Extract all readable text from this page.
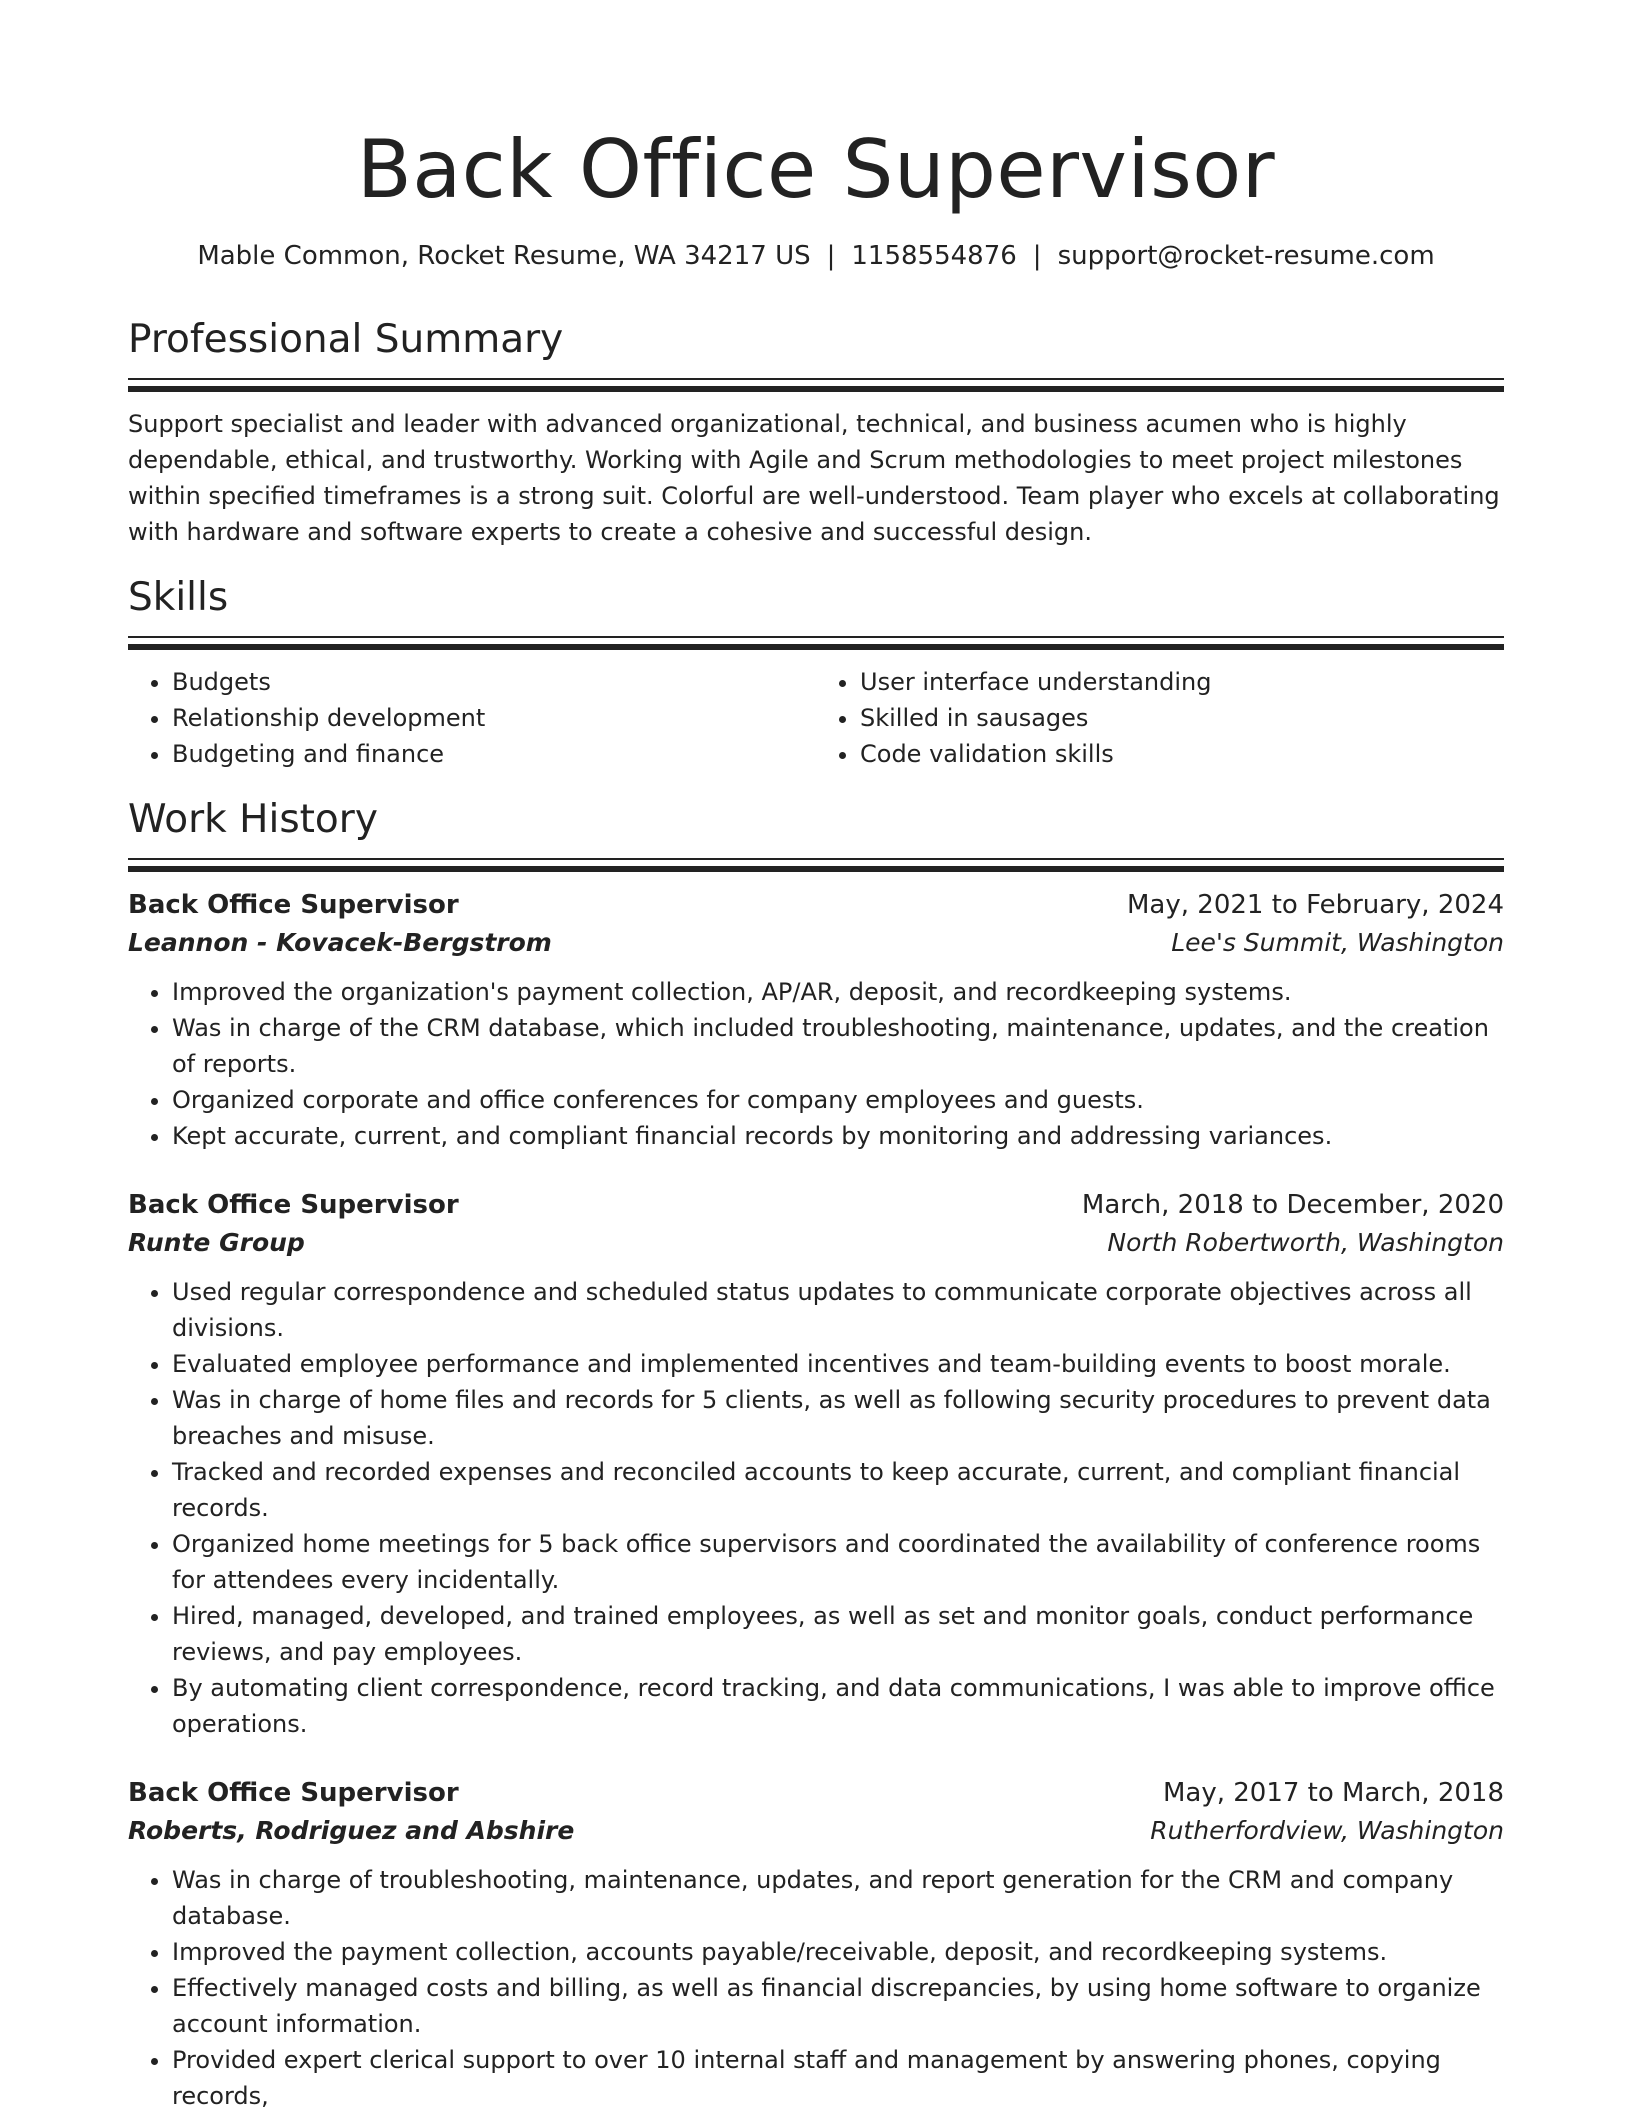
Back Office Supervisor
Mable Common, Rocket Resume, WA 34217 US | 1158554876 | support@rocket-resume.com
Professional Summary

Support specialist and leader with advanced organizational, technical, and business acumen who is highly dependable, ethical, and trustworthy. Working with Agile and Scrum methodologies to meet project milestones within specified timeframes is a strong suit. Colorful are well-understood. Team player who excels at collaborating with hardware and software experts to create a cohesive and successful design.

Skills
• Budgets
• Relationship development
• Budgeting and finance
• User interface understanding
• Skilled in sausages
• Code validation skills
Work History
Back Office Supervisor	May, 2021 to February, 2024
Leannon - Kovacek-Bergstrom	Lee's Summit, Washington
• Improved the organization's payment collection, AP/AR, deposit, and recordkeeping systems.
• Was in charge of the CRM database, which included troubleshooting, maintenance, updates, and the creation of reports.
• Organized corporate and office conferences for company employees and guests.
• Kept accurate, current, and compliant financial records by monitoring and addressing variances.
Back Office Supervisor	March, 2018 to December, 2020
Runte Group	North Robertworth, Washington
• Used regular correspondence and scheduled status updates to communicate corporate objectives across all divisions.
• Evaluated employee performance and implemented incentives and team-building events to boost morale.
• Was in charge of home files and records for 5 clients, as well as following security procedures to prevent data breaches and misuse.
• Tracked and recorded expenses and reconciled accounts to keep accurate, current, and compliant financial records.
• Organized home meetings for 5 back office supervisors and coordinated the availability of conference rooms for attendees every incidentally.
• Hired, managed, developed, and trained employees, as well as set and monitor goals, conduct performance reviews, and pay employees.
• By automating client correspondence, record tracking, and data communications, I was able to improve office operations.
Back Office Supervisor	May, 2017 to March, 2018
Roberts, Rodriguez and Abshire	Rutherfordview, Washington
• Was in charge of troubleshooting, maintenance, updates, and report generation for the CRM and company database.
• Improved the payment collection, accounts payable/receivable, deposit, and recordkeeping systems.
• Effectively managed costs and billing, as well as financial discrepancies, by using home software to organize account information.
• Provided expert clerical support to over 10 internal staff and management by answering phones, copying records,
